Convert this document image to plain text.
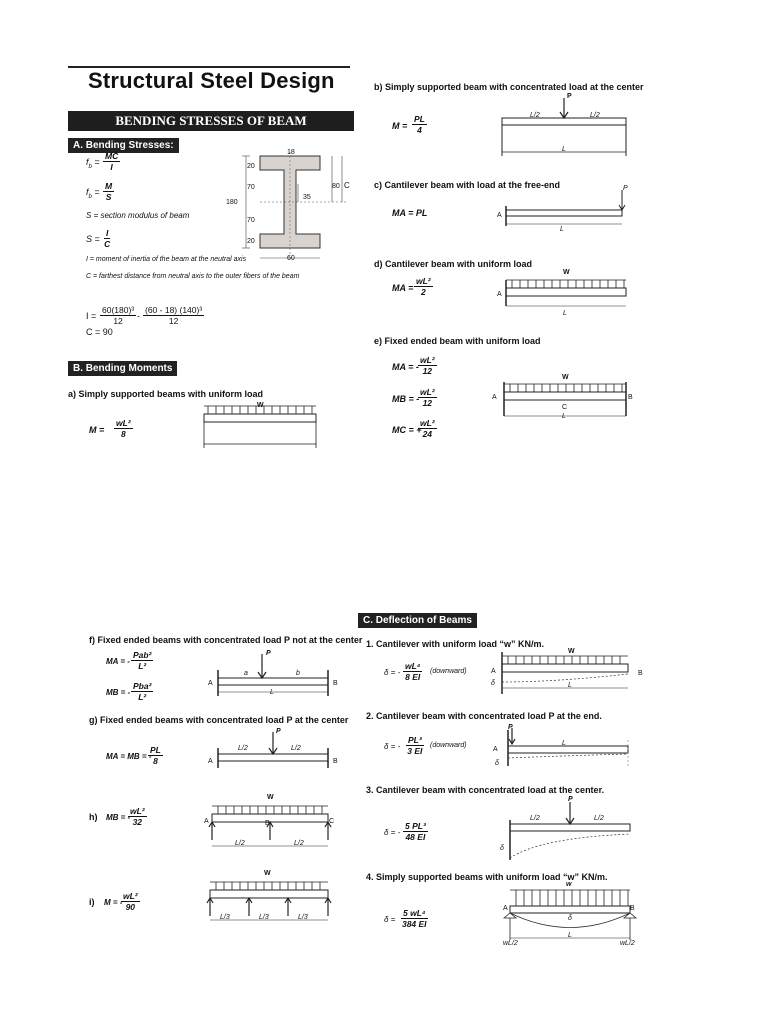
Structural Steel Design
BENDING STRESSES OF BEAM
A. Bending Stresses:
$f_b = \frac{MC}{I}$
$f_b = \frac{M}{S}$
S = section modulus of beam
$S = \frac{I}{C}$
I = moment of inertia of the beam at the neutral axis
C = farthest distance from neutral axis to the outer fibers of the beam
$I = \frac{\text{60(180)³}}{12} - \frac{\text{(60 - 18) (140)³}}{12}$
C = 90
18
20
70
180
70
20
35
80 C
60
B. Bending Moments
a) Simply supported beams with uniform load
$M = \frac{\text{wL²}}{8}$
W
b) Simply supported beam with concentrated load at the center
$M = \frac{PL}{4}$
P
L/2	L/2
L
c) Cantilever beam with load at the free-end
MA = PL	A
P
L
d) Cantilever beam with uniform load
MA = $\frac{\text{wL²}}{2}$
W
A
L
e) Fixed ended beam with uniform load
MA = - $\frac{\text{wL²}}{12}$
MB = -
$\frac{\text{wL²}}{12}$
MC = +
$\frac{\text{wL²}}{24}$
W
A	B
C
L
f) Fixed ended beams with concentrated load P not at the center
MA = -
Pab²
L²
MB = -
Pba²
L²
P
a	b
A	B
L
g) Fixed ended beams with concentrated load P at the center
MA = MB = -
$\frac{PL}{8}$
P
L/2	L/2
A	B
h) MB = -
$\frac{\text{wL²}}{32}$
W
A	B	C
L/2	L/2
i) M = -
$\frac{\text{wL²}}{90}$
W
L/3	L/3	L/3
C. Deflection of Beams
1. Cantilever with uniform load “w” KN/m.
δ = - $\frac{\text{wL⁴}}{8 EI}$ (downward)
W
A	B
L
δ
2. Cantilever beam with concentrated load P at the end.
δ = - $\frac{\text{PL³}}{3 EI}$ (downward)
P
A
L
δ
3. Cantilever beam with concentrated load at the center.
δ = - $\frac{\text{5 PL³}}{48 EI}$
P
L/2	L/2
δ
4. Simply supported beams with uniform load “w” KN/m.
$\delta = \frac{\text{5 wL⁴}}{384 EI}$
w
A	B
δ
L
wL/2	wL/2
